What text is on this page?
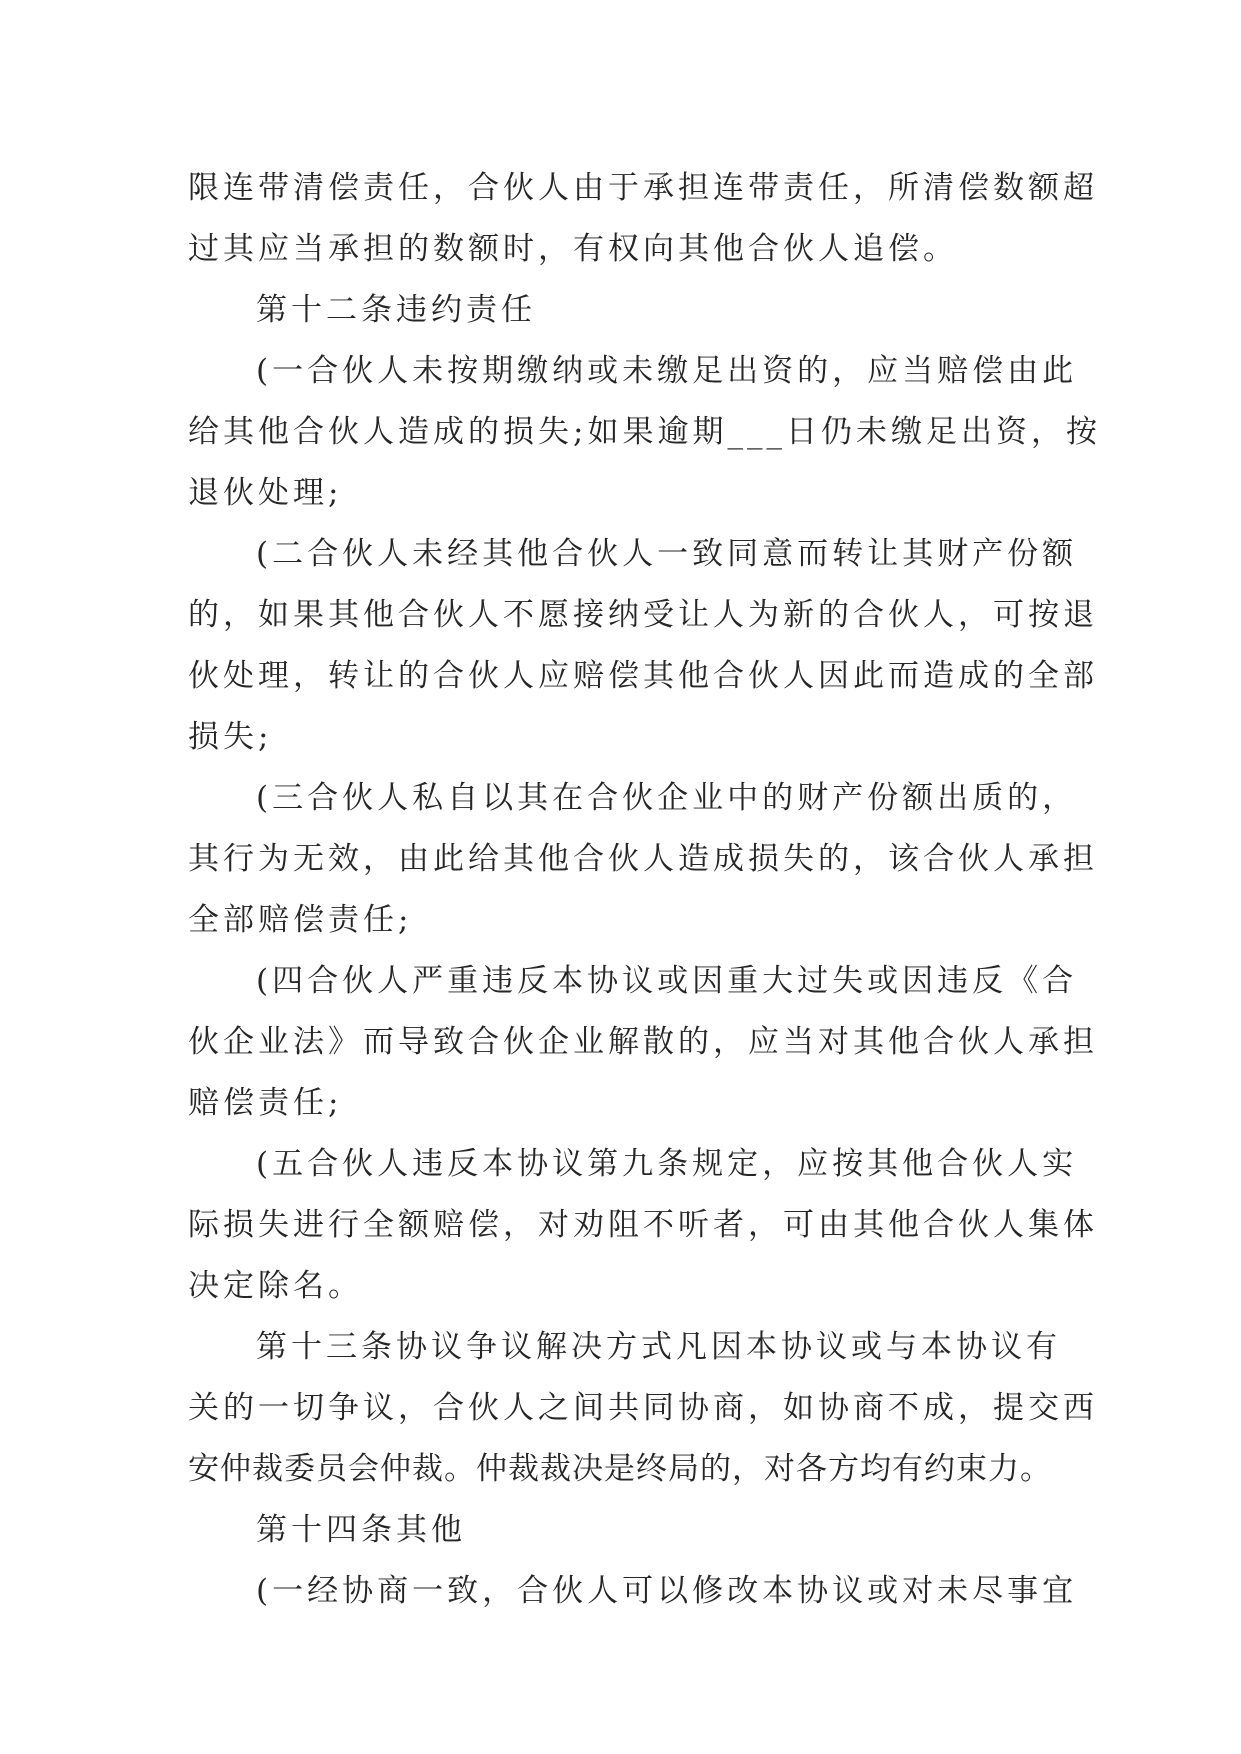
限连带清偿责任，合伙人由于承担连带责任，所清偿数额超
过其应当承担的数额时，有权向其他合伙人追偿。
第十二条违约责任
(一合伙人未按期缴纳或未缴足出资的，应当赔偿由此
给其他合伙人造成的损失;如果逾期___日仍未缴足出资，按
退伙处理;
(二合伙人未经其他合伙人一致同意而转让其财产份额
的，如果其他合伙人不愿接纳受让人为新的合伙人，可按退
伙处理，转让的合伙人应赔偿其他合伙人因此而造成的全部
损失;
(三合伙人私自以其在合伙企业中的财产份额出质的，
其行为无效，由此给其他合伙人造成损失的，该合伙人承担
全部赔偿责任;
(四合伙人严重违反本协议或因重大过失或因违反《合
伙企业法》而导致合伙企业解散的，应当对其他合伙人承担
赔偿责任;
(五合伙人违反本协议第九条规定，应按其他合伙人实
际损失进行全额赔偿，对劝阻不听者，可由其他合伙人集体
决定除名。
第十三条协议争议解决方式凡因本协议或与本协议有
关的一切争议，合伙人之间共同协商，如协商不成，提交西
安仲裁委员会仲裁。仲裁裁决是终局的，对各方均有约束力。
第十四条其他
(一经协商一致，合伙人可以修改本协议或对未尽事宜
